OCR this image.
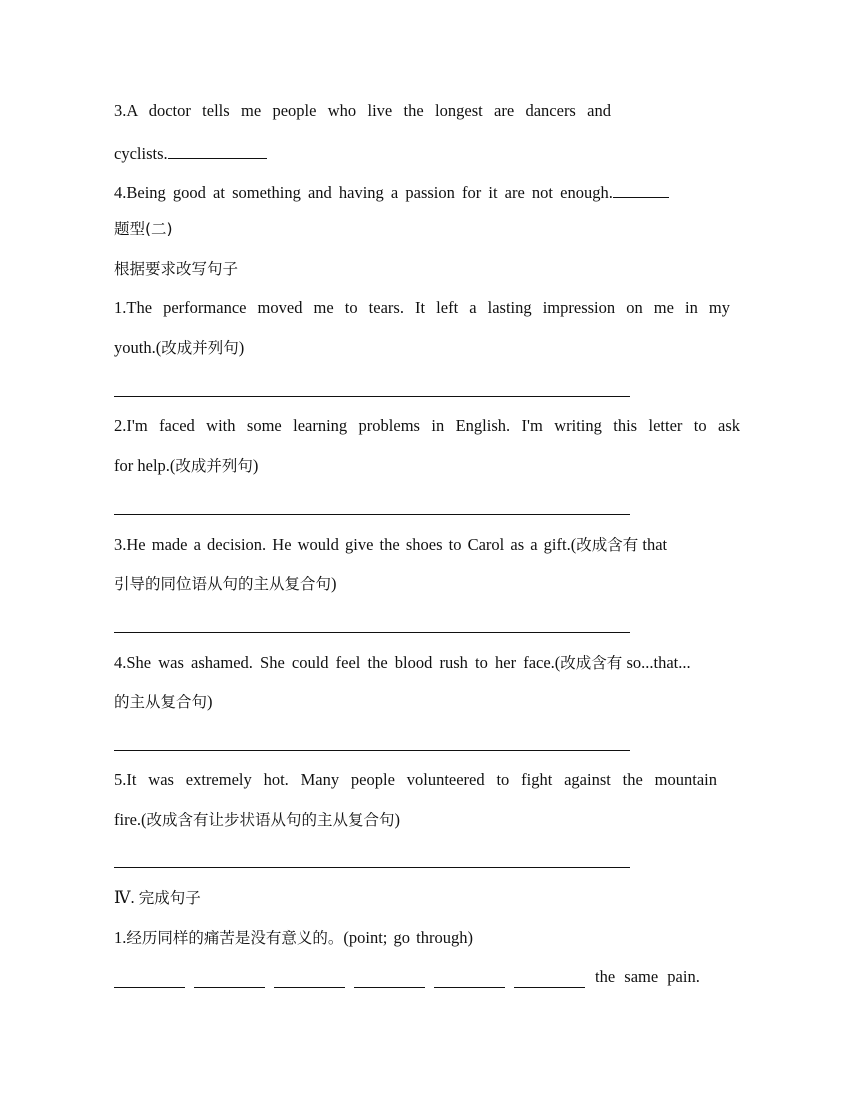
3.A doctor tells me people who live the longest are dancers and

cyclists.

4.Being good at something and having a passion for it are not enough.

题型(二)

根据要求改写句子

1.The performance moved me to tears. It left a lasting impression on me in my

youth.(改成并列句)

2.I'm faced with some learning problems in English. I'm writing this letter to ask

for help.(改成并列句)

3.He made a decision. He would give the shoes to Carol as a gift.(改成含有 that

引导的同位语从句的主从复合句)

4.She was ashamed. She could feel the blood rush to her face.(改成含有 so...that...

的主从复合句)

5.It was extremely hot. Many people volunteered to fight against the mountain

fire.(改成含有让步状语从句的主从复合句)

Ⅳ. 完成句子

1.经历同样的痛苦是没有意义的。(point; go through)

the same pain.
